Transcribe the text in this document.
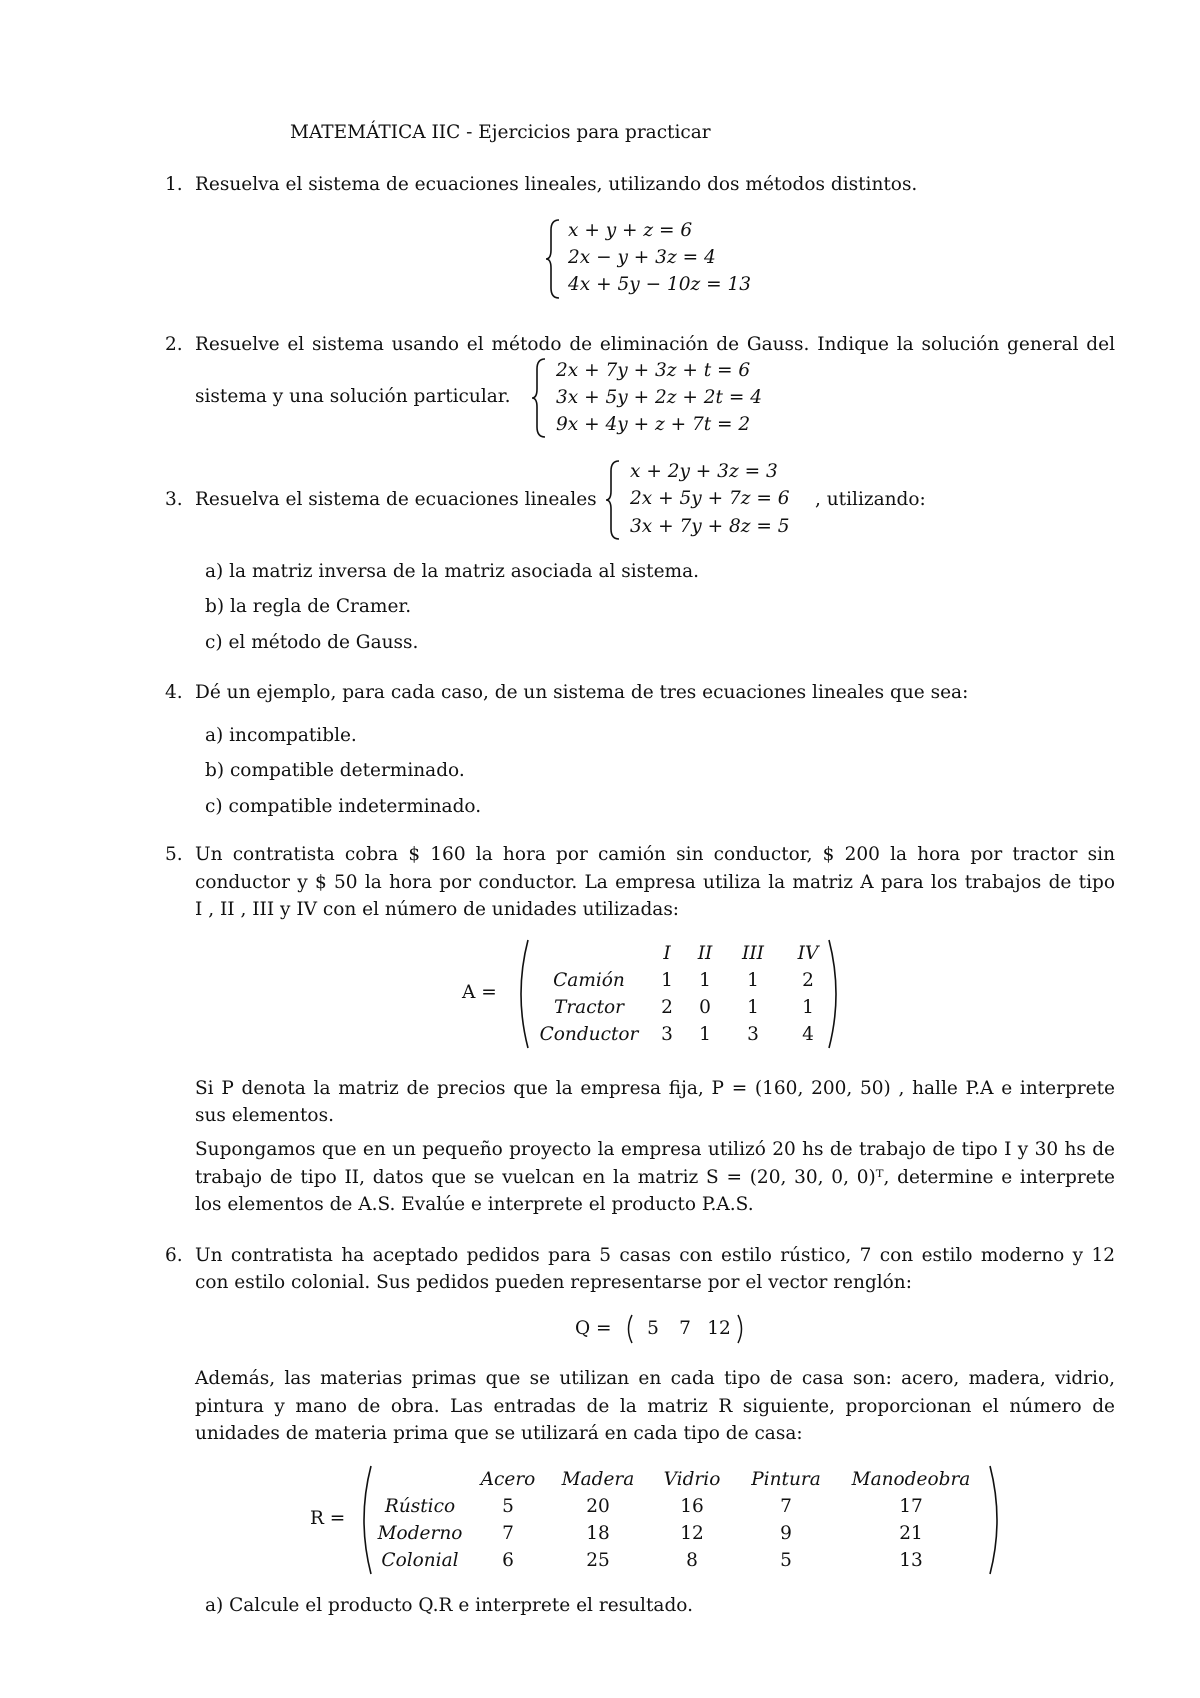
MATEMÁTICA IIC - Ejercicios para practicar
1. Resuelva el sistema de ecuaciones lineales, utilizando dos métodos distintos.
x + y + z = 6
2x − y + 3z = 4
4x + 5y − 10z = 13
2. Resuelve el sistema usando el método de eliminación de Gauss. Indique la solución general del
sistema y una solución particular.
2x + 7y + 3z + t = 6
3x + 5y + 2z + 2t = 4
9x + 4y + z + 7t = 2
3. Resuelva el sistema de ecuaciones lineales
x + 2y + 3z = 3
2x + 5y + 7z = 6
3x + 7y + 8z = 5
, utilizando:
a) la matriz inversa de la matriz asociada al sistema.
b) la regla de Cramer.
c) el método de Gauss.
4. Dé un ejemplo, para cada caso, de un sistema de tres ecuaciones lineales que sea:
a) incompatible.
b) compatible determinado.
c) compatible indeterminado.
5. Un contratista cobra $ 160 la hora por camión sin conductor, $ 200 la hora por tractor sin
conductor y $ 50 la hora por conductor. La empresa utiliza la matriz A para los trabajos de tipo
I , II , III y IV con el número de unidades utilizadas:
A =
	I	II	III	IV
Camión	1	1	1	2
Tractor	2	0	1	1
Conductor	3	1	3	4
Si P denota la matriz de precios que la empresa fija, P = (160, 200, 50) , halle P.A e interprete
sus elementos.
Supongamos que en un pequeño proyecto la empresa utilizó 20 hs de trabajo de tipo I y 30 hs de
trabajo de tipo II, datos que se vuelcan en la matriz S = (20, 30, 0, 0)ᵀ, determine e interprete
los elementos de A.S. Evalúe e interprete el producto P.A.S.
6. Un contratista ha aceptado pedidos para 5 casas con estilo rústico, 7 con estilo moderno y 12
con estilo colonial. Sus pedidos pueden representarse por el vector renglón:
Q =	5	7 12
Además, las materias primas que se utilizan en cada tipo de casa son: acero, madera, vidrio,
pintura y mano de obra. Las entradas de la matriz R siguiente, proporcionan el número de
unidades de materia prima que se utilizará en cada tipo de casa:
R =
	Acero	Madera	Vidrio	Pintura	Manodeobra
Rústico	5	20	16	7	17
Moderno	7	18	12	9	21
Colonial	6	25	8	5	13
a) Calcule el producto Q.R e interprete el resultado.
